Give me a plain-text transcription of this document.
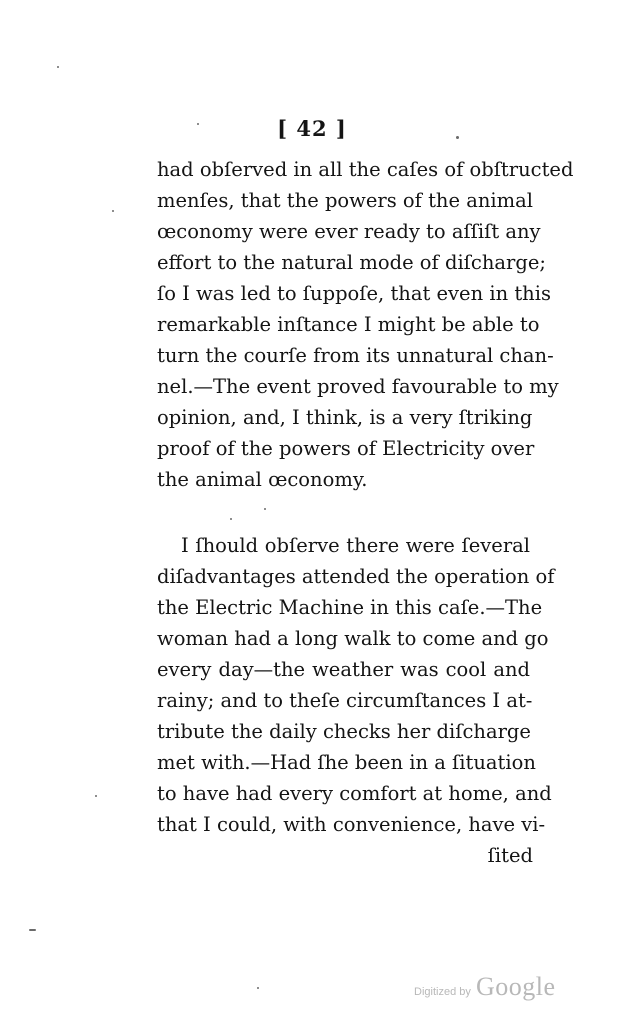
[ 42 ]
had obſerved in all the caſes of obſtructed
menſes, that the powers of the animal
œconomy were ever ready to aſſiſt any
effort to the natural mode of diſcharge;
ſo I was led to ſuppoſe, that even in this
remarkable inſtance I might be able to
turn the courſe from its unnatural chan-
nel.—The event proved favourable to my
opinion, and, I think, is a very ſtriking
proof of the powers of Electricity over
the animal œconomy.
I ſhould obſerve there were ſeveral
diſadvantages attended the operation of
the Electric Machine in this caſe.—The
woman had a long walk to come and go
every day—the weather was cool and
rainy; and to theſe circumſtances I at-
tribute the daily checks her diſcharge
met with.—Had ſhe been in a ſituation
to have had every comfort at home, and
that I could, with convenience, have vi-
ſited
Digitized by Google
